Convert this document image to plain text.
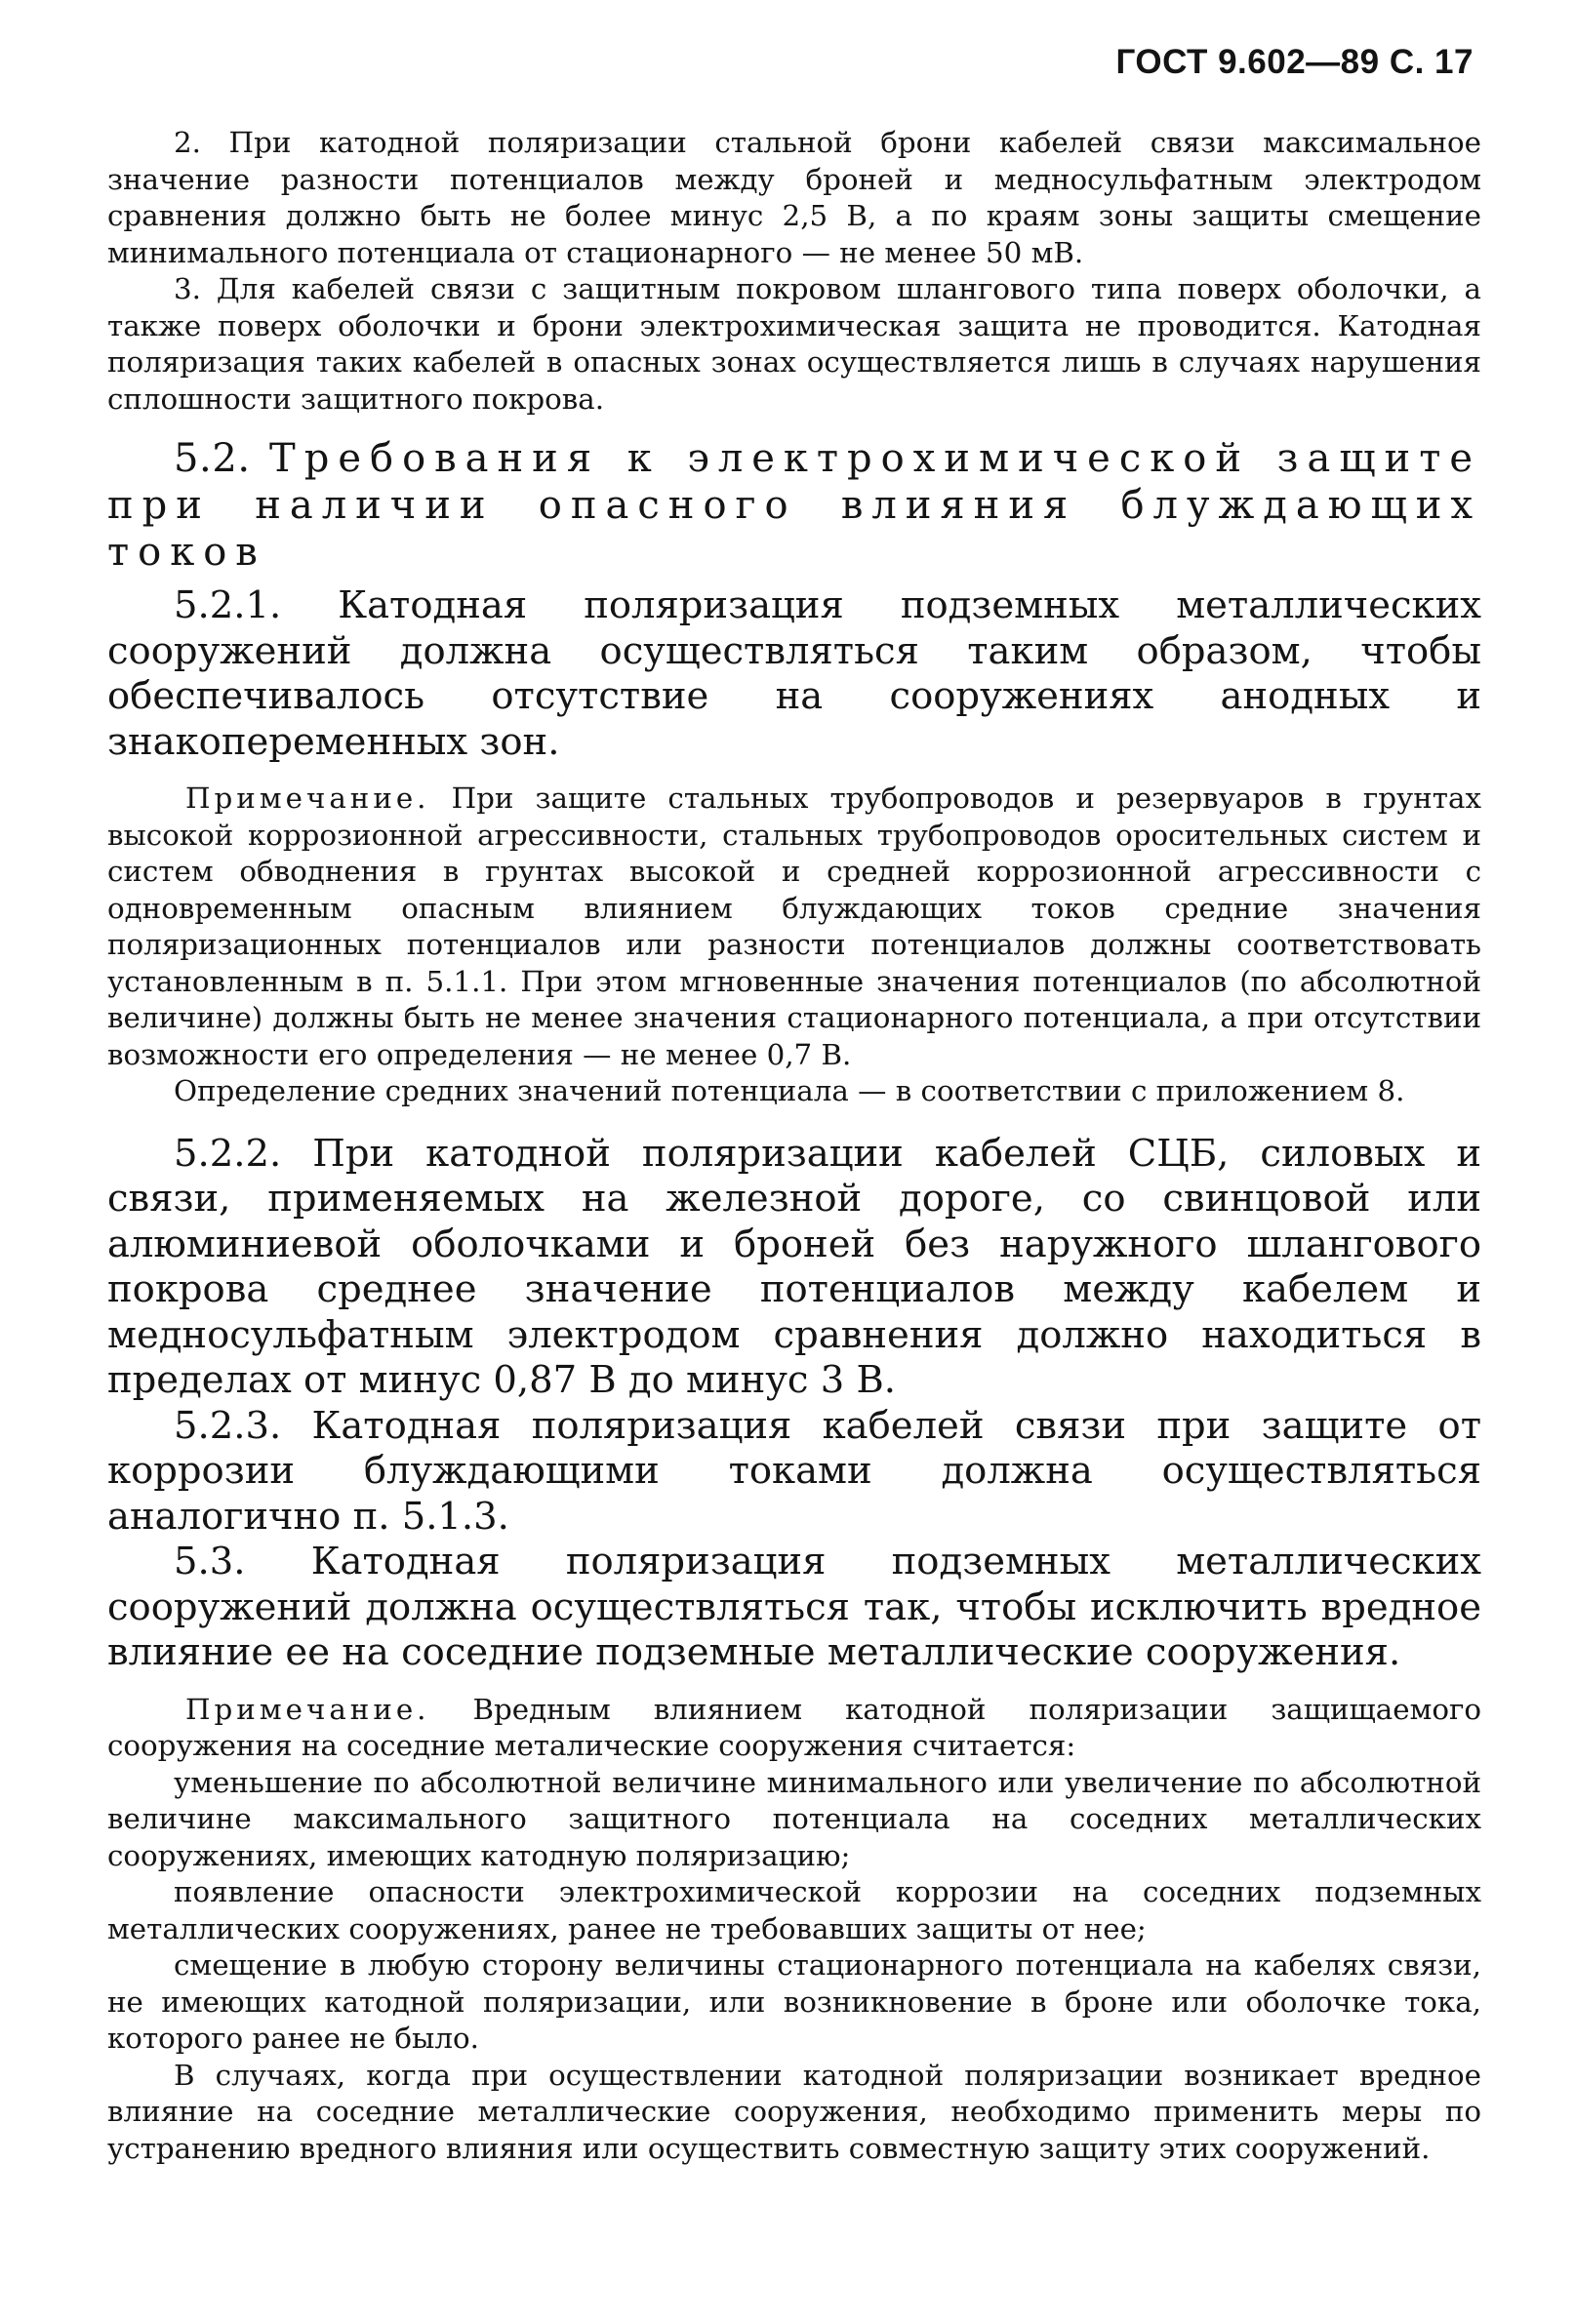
ГОСТ 9.602—89 С. 17

2. При катодной поляризации стальной брони кабелей связи максимальное значение разности потенциалов между броней и медносульфатным электродом сравнения должно быть не более минус 2,5 В, а по краям зоны защиты смещение минимального потенциала от стационарного — не менее 50 мВ.

3. Для кабелей связи с защитным покровом шлангового типа поверх оболочки, а также поверх оболочки и брони электрохимическая защита не проводится. Катодная поляризация таких кабелей в опасных зонах осуществляется лишь в случаях нарушения сплошности защитного покрова.

5.2. Требования к электрохимической защите при наличии опасного влияния блуждающих токов

5.2.1. Катодная поляризация подземных металлических сооружений должна осуществляться таким образом, чтобы обеспечивалось отсутствие на сооружениях анодных и знакопеременных зон.

Примечание. При защите стальных трубопроводов и резервуаров в грунтах высокой коррозионной агрессивности, стальных трубопроводов оросительных систем и систем обводнения в грунтах высокой и средней коррозионной агрессивности с одновременным опасным влиянием блуждающих токов средние значения поляризационных потенциалов или разности потенциалов должны соответствовать установленным в п. 5.1.1. При этом мгновенные значения потенциалов (по абсолютной величине) должны быть не менее значения стационарного потенциала, а при отсутствии возможности его определения — не менее 0,7 В.

Определение средних значений потенциала — в соответствии с приложением 8.

5.2.2. При катодной поляризации кабелей СЦБ, силовых и связи, применяемых на железной дороге, со свинцовой или алюминиевой оболочками и броней без наружного шлангового покрова среднее значение потенциалов между кабелем и медносульфатным электродом сравнения должно находиться в пределах от минус 0,87 В до минус 3 В.

5.2.3. Катодная поляризация кабелей связи при защите от коррозии блуждающими токами должна осуществляться аналогично п. 5.1.3.

5.3. Катодная поляризация подземных металлических сооружений должна осуществляться так, чтобы исключить вредное влияние ее на соседние подземные металлические сооружения.

Примечание. Вредным влиянием катодной поляризации защищаемого сооружения на соседние металические сооружения считается:

уменьшение по абсолютной величине минимального или увеличение по абсолютной величине максимального защитного потенциала на соседних металлических сооружениях, имеющих катодную поляризацию;

появление опасности электрохимической коррозии на соседних подземных металлических сооружениях, ранее не требовавших защиты от нее;

смещение в любую сторону величины стационарного потенциала на кабелях связи, не имеющих катодной поляризации, или возникновение в броне или оболочке тока, которого ранее не было.

В случаях, когда при осуществлении катодной поляризации возникает вредное влияние на соседние металлические сооружения, необходимо применить меры по устранению вредного влияния или осуществить совместную защиту этих сооружений.
